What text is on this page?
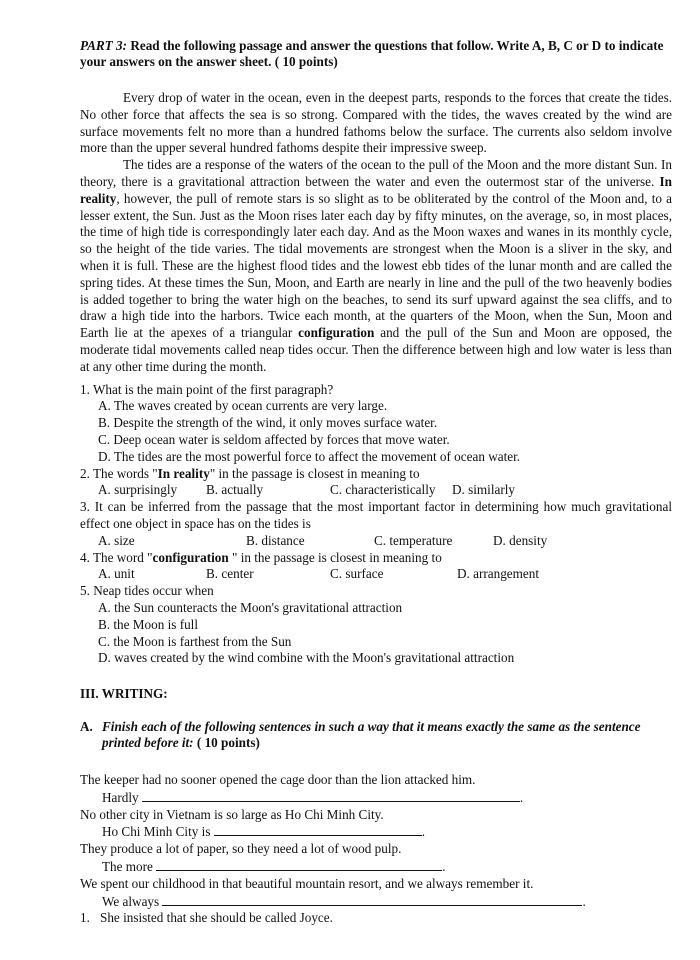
PART 3: Read the following passage and answer the questions that follow. Write A, B, C or D to indicate your answers on the answer sheet. ( 10 points)

Every drop of water in the ocean, even in the deepest parts, responds to the forces that create the tides. No other force that affects the sea is so strong. Compared with the tides, the waves created by the wind are surface movements felt no more than a hundred fathoms below the surface. The currents also seldom involve more than the upper several hundred fathoms despite their impressive sweep.

The tides are a response of the waters of the ocean to the pull of the Moon and the more distant Sun. In theory, there is a gravitational attraction between the water and even the outermost star of the universe. In reality, however, the pull of remote stars is so slight as to be obliterated by the control of the Moon and, to a lesser extent, the Sun. Just as the Moon rises later each day by fifty minutes, on the average, so, in most places, the time of high tide is correspondingly later each day. And as the Moon waxes and wanes in its monthly cycle, so the height of the tide varies. The tidal movements are strongest when the Moon is a sliver in the sky, and when it is full. These are the highest flood tides and the lowest ebb tides of the lunar month and are called the spring tides. At these times the Sun, Moon, and Earth are nearly in line and the pull of the two heavenly bodies is added together to bring the water high on the beaches, to send its surf upward against the sea cliffs, and to draw a high tide into the harbors. Twice each month, at the quarters of the Moon, when the Sun, Moon and Earth lie at the apexes of a triangular configuration and the pull of the Sun and Moon are opposed, the moderate tidal movements called neap tides occur. Then the difference between high and low water is less than at any other time during the month.

1. What is the main point of the first paragraph?

A. The waves created by ocean currents are very large.

B. Despite the strength of the wind, it only moves surface water.

C. Deep ocean water is seldom affected by forces that move water.

D. The tides are the most powerful force to affect the movement of ocean water.

2. The words "In reality" in the passage is closest in meaning to

A. surprisingly B. actually	C. characteristically D. similarly

3. It can be inferred from the passage that the most important factor in determining how much gravitational effect one object in space has on the tides is

A. size	B. distance	C. temperature	D. density

4. The word "configuration " in the passage is closest in meaning to

A. unit	B. center	C. surface	D. arrangement

5. Neap tides occur when

A. the Sun counteracts the Moon's gravitational attraction

B. the Moon is full

C. the Moon is farthest from the Sun

D. waves created by the wind combine with the Moon's gravitational attraction

III. WRITING:
A. Finish each of the following sentences in such a way that it means exactly the same as the sentence printed before it: ( 10 points)

The keeper had no sooner opened the cage door than the lion attacked him.

Hardly	.

No other city in Vietnam is so large as Ho Chi Minh City.

Ho Chi Minh City is	.

They produce a lot of paper, so they need a lot of wood pulp.

The more	.

We spent our childhood in that beautiful mountain resort, and we always remember it.

We always	.

1. She insisted that she should be called Joyce.
